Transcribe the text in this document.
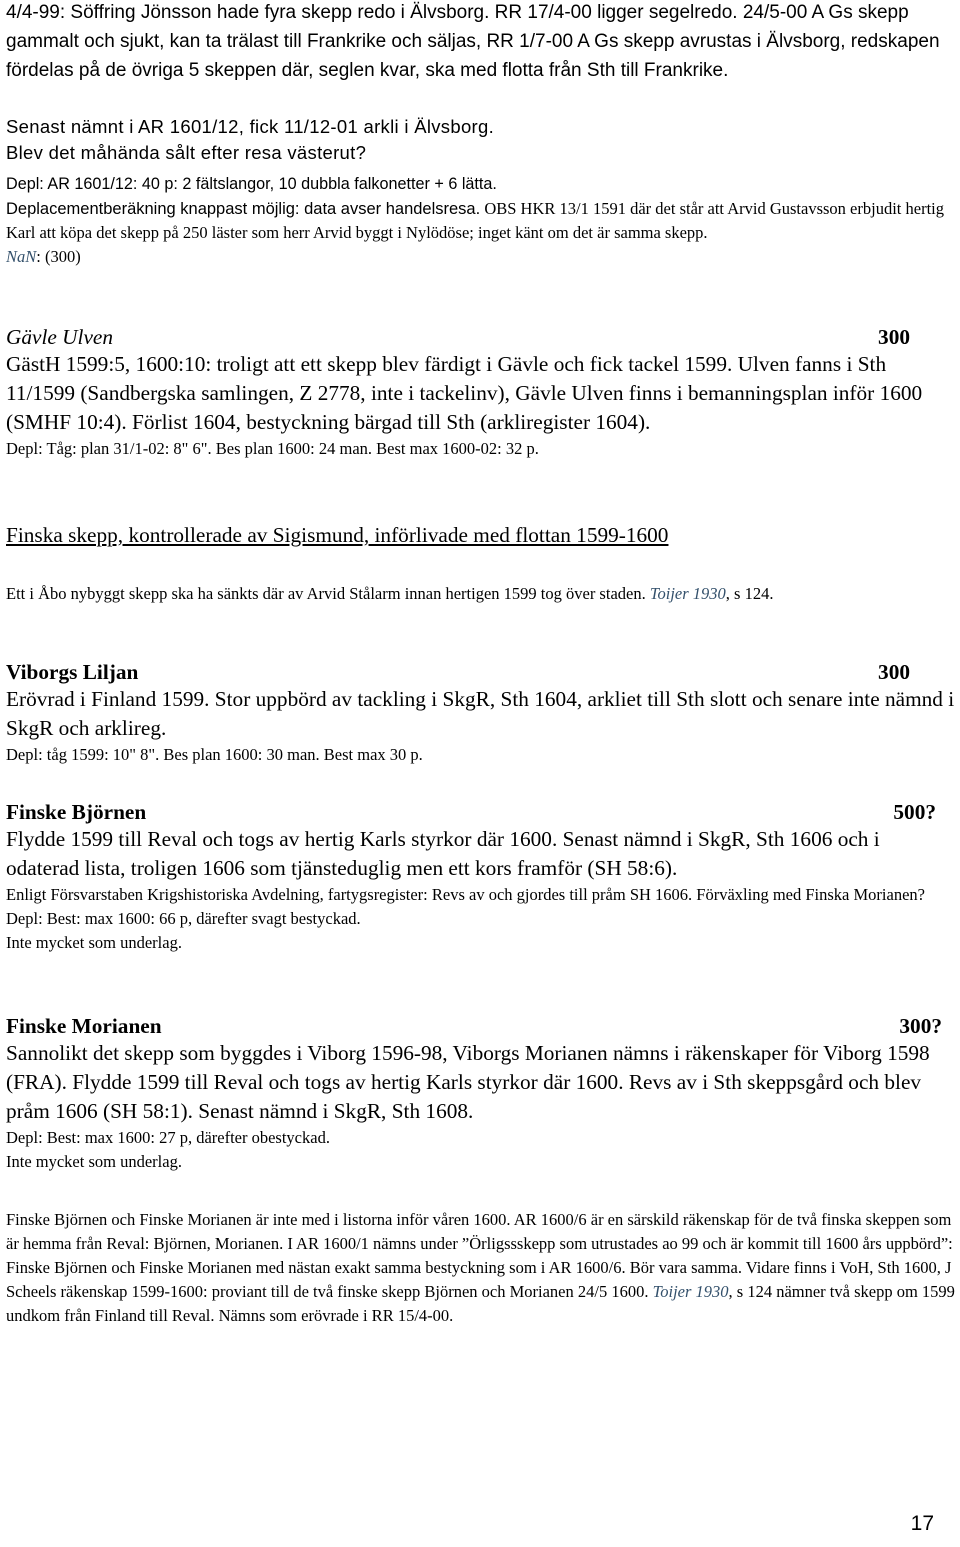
4/4-99: Söffring Jönsson hade fyra skepp redo i Älvsborg. RR 17/4-00 ligger segelredo. 24/5-00 A Gs skepp gammalt och sjukt, kan ta trälast till Frankrike och säljas, RR 1/7-00 A Gs skepp avrustas i Älvsborg, redskapen fördelas på de övriga 5 skeppen där, seglen kvar, ska med flotta från Sth till Frankrike.

Senast nämnt i AR 1601/12, fick 11/12-01 arkli i Älvsborg.

Blev det måhända sålt efter resa västerut?

Depl: AR 1601/12: 40 p: 2 fältslangor, 10 dubbla falkonetter + 6 lätta.

Deplacementberäkning knappast möjlig: data avser handelsresa. OBS HKR 13/1 1591 där det står att Arvid Gustavsson erbjudit hertig Karl att köpa det skepp på 250 läster som herr Arvid byggt i Nylödöse; inget känt om det är samma skepp.

NaN: (300)

Gävle Ulven	300

GästH 1599:5, 1600:10: troligt att ett skepp blev färdigt i Gävle och fick tackel 1599. Ulven fanns i Sth 11/1599 (Sandbergska samlingen, Z 2778, inte i tackelinv), Gävle Ulven finns i bemanningsplan inför 1600 (SMHF 10:4). Förlist 1604, bestyckning bärgad till Sth (arkliregister 1604).

Depl: Tåg: plan 31/1-02: 8" 6". Bes plan 1600: 24 man. Best max 1600-02: 32 p.

Finska skepp, kontrollerade av Sigismund, införlivade med flottan 1599-1600

Ett i Åbo nybyggt skepp ska ha sänkts där av Arvid Stålarm innan hertigen 1599 tog över staden. Toijer 1930, s 124.

Viborgs Liljan	300

Erövrad i Finland 1599. Stor uppbörd av tackling i SkgR, Sth 1604, arkliet till Sth slott och senare inte nämnd i SkgR och arklireg.

Depl: tåg 1599: 10" 8". Bes plan 1600: 30 man. Best max 30 p.

Finske Björnen	500?

Flydde 1599 till Reval och togs av hertig Karls styrkor där 1600. Senast nämnd i SkgR, Sth 1606 och i odaterad lista, troligen 1606 som tjänsteduglig men ett kors framför (SH 58:6).

Enligt Försvarstaben Krigshistoriska Avdelning, fartygsregister: Revs av och gjordes till pråm SH 1606. Förväxling med Finska Morianen?

Depl: Best: max 1600: 66 p, därefter svagt bestyckad.

Inte mycket som underlag.

Finske Morianen	300?

Sannolikt det skepp som byggdes i Viborg 1596-98, Viborgs Morianen nämns i räkenskaper för Viborg 1598 (FRA). Flydde 1599 till Reval och togs av hertig Karls styrkor där 1600. Revs av i Sth skeppsgård och blev pråm 1606 (SH 58:1). Senast nämnd i SkgR, Sth 1608.

Depl: Best: max 1600: 27 p, därefter obestyckad.

Inte mycket som underlag.

Finske Björnen och Finske Morianen är inte med i listorna inför våren 1600. AR 1600/6 är en särskild räkenskap för de två finska skeppen som är hemma från Reval: Björnen, Morianen. I AR 1600/1 nämns under ”Örligssskepp som utrustades ao 99 och är kommit till 1600 års uppbörd”: Finske Björnen och Finske Morianen med nästan exakt samma bestyckning som i AR 1600/6. Bör vara samma. Vidare finns i VoH, Sth 1600, J Scheels räkenskap 1599-1600: proviant till de två finske skepp Björnen och Morianen 24/5 1600. Toijer 1930, s 124 nämner två skepp om 1599 undkom från Finland till Reval. Nämns som erövrade i RR 15/4-00.

17
